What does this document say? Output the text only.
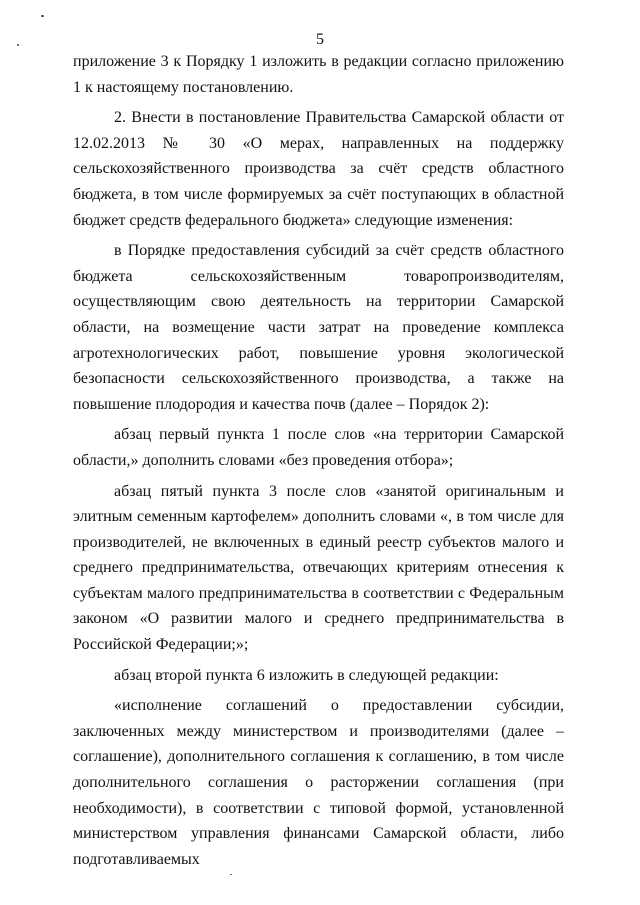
5

приложение 3 к Порядку 1 изложить в редакции согласно приложению 1 к настоящему постановлению.

2. Внести в постановление Правительства Самарской области от 12.02.2013 № 30 «О мерах, направленных на поддержку сельскохозяйственного производства за счёт средств областного бюджета, в том числе формируемых за счёт поступающих в областной бюджет средств федерального бюджета» следующие изменения:

в Порядке предоставления субсидий за счёт средств областного бюджета сельскохозяйственным товаропроизводителям, осуществляющим свою деятельность на территории Самарской области, на возмещение части затрат на проведение комплекса агротехнологических работ, повышение уровня экологической безопасности сельскохозяйственного производства, а также на повышение плодородия и качества почв (далее – Порядок 2):

абзац первый пункта 1 после слов «на территории Самарской области,» дополнить словами «без проведения отбора»;

абзац пятый пункта 3 после слов «занятой оригинальным и элитным семенным картофелем» дополнить словами «, в том числе для производителей, не включенных в единый реестр субъектов малого и среднего предпринимательства, отвечающих критериям отнесения к субъектам малого предпринимательства в соответствии с Федеральным законом «О развитии малого и среднего предпринимательства в Российской Федерации;»;

абзац второй пункта 6 изложить в следующей редакции:

«исполнение соглашений о предоставлении субсидии, заключенных между министерством и производителями (далее – соглашение), дополнительного соглашения к соглашению, в том числе дополнительного соглашения о расторжении соглашения (при необходимости), в соответствии с типовой формой, установленной министерством управления финансами Самарской области, либо подготавливаемых
